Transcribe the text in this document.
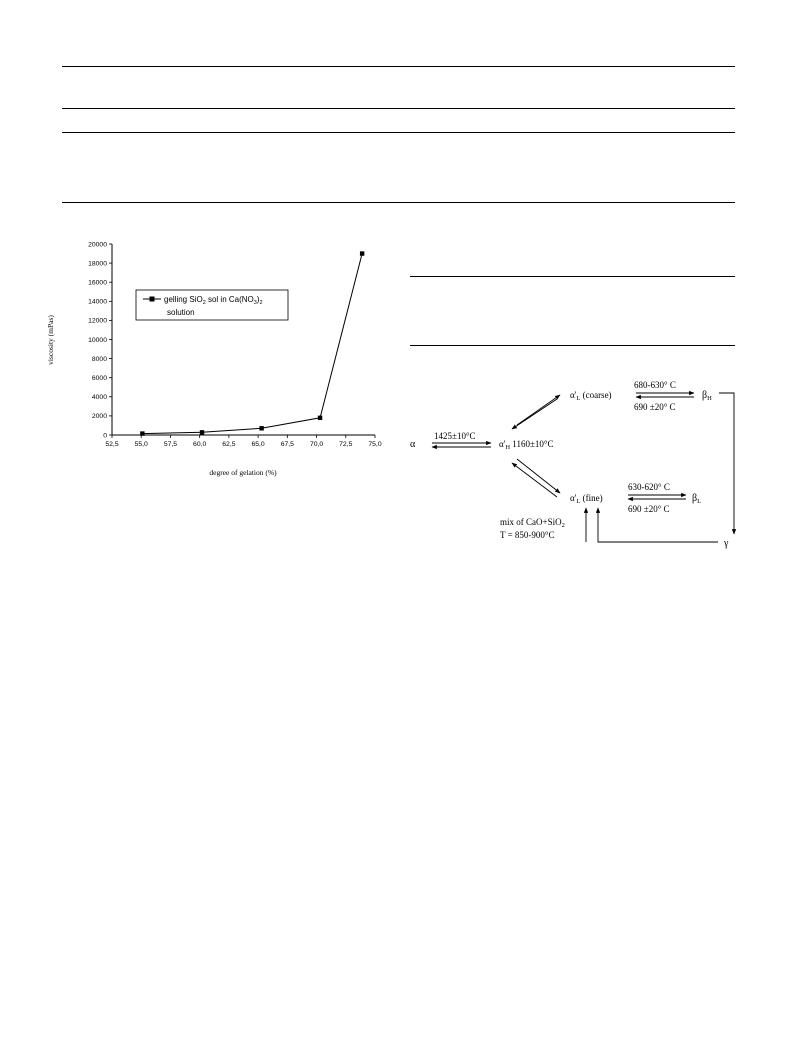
52,5 55,0 57,5 60,0 62,5 65,0 67,5 70,0 72,5 75,0
0
2000
4000
6000
8000
10000
12000
14000
16000
18000
20000
degree of gelation (%)
viscosity (mPas)
gelling SiO$_2$ sol in $Ca(NO_3)_2$
solution
α
1425±10°C
$\alpha'_H$ 1160±10°C
$\alpha'_L$ (coarse)
680-630° C
690 ±20° C
$\beta_H$
$\alpha'_L$ (fine)
630-620° C
690 ±20° C
$\beta_L$
mix of CaO+SiO$_2$
T = 850-900°C
γ
